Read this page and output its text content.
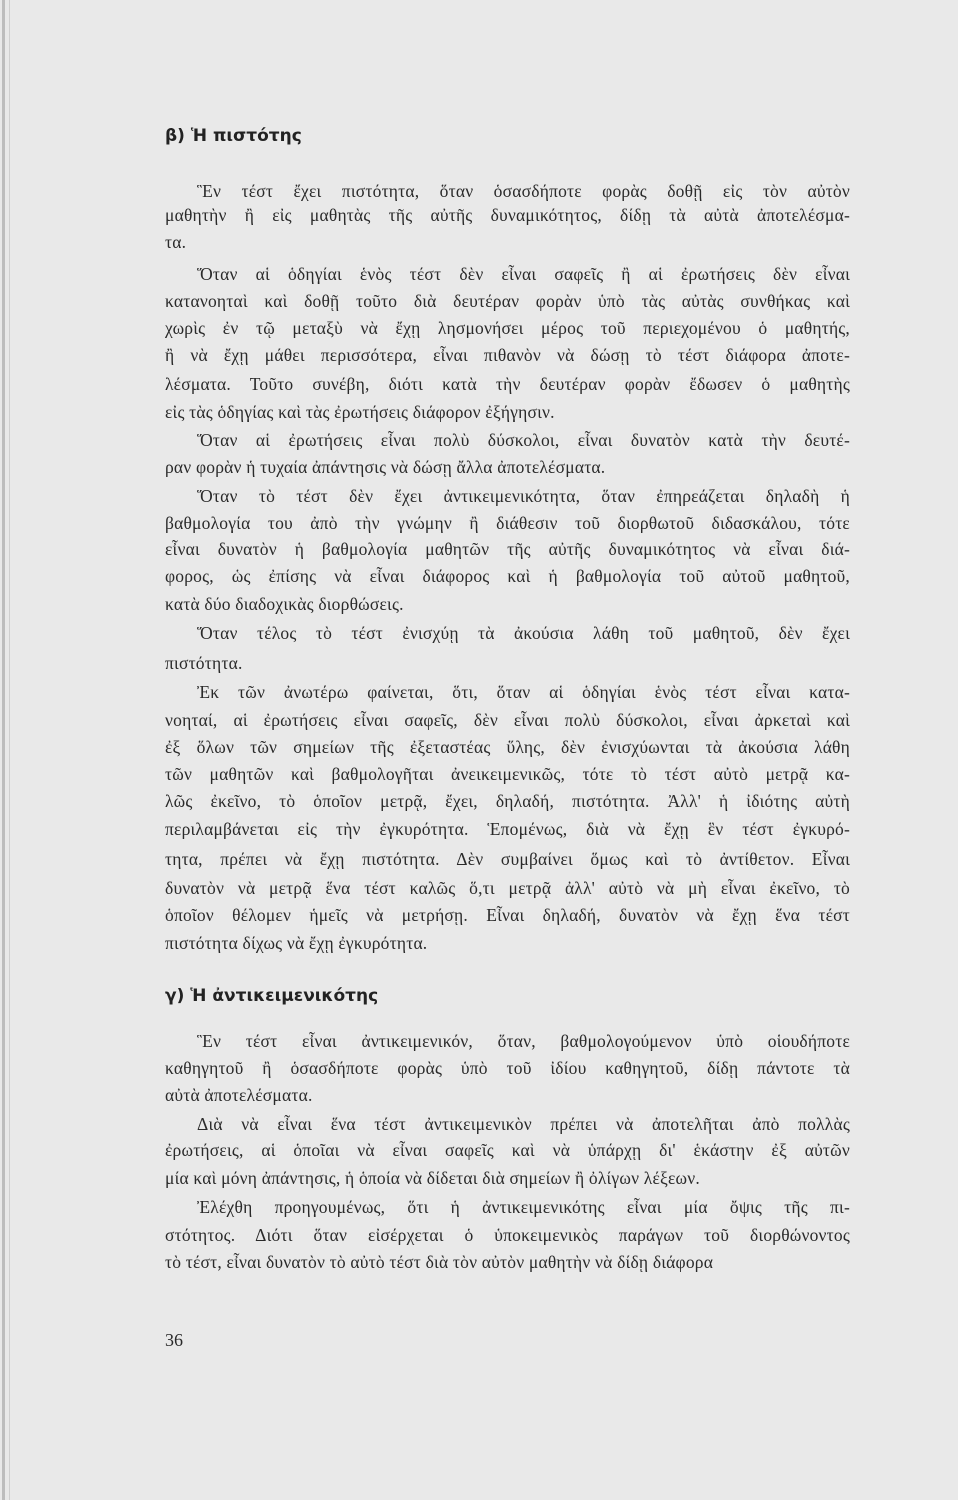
β) Ἡ πιστότης
Ἓν τέστ ἔχει πιστότητα, ὅταν ὁσασδήποτε φορὰς δοθῇ εἰς τὸν αὐτὸν
μαθητὴν ἢ εἰς μαθητὰς τῆς αὐτῆς δυναμικότητος, δίδῃ τὰ αὐτὰ ἀποτελέσμα-
τα.
Ὅταν αἱ ὁδηγίαι ἑνὸς τέστ δὲν εἶναι σαφεῖς ἢ αἱ ἐρωτήσεις δὲν εἶναι
κατανοηταὶ καὶ δοθῇ τοῦτο διὰ δευτέραν φορὰν ὑπὸ τὰς αὐτὰς συνθήκας καὶ
χωρὶς ἐν τῷ μεταξὺ νὰ ἔχῃ λησμονήσει μέρος τοῦ περιεχομένου ὁ μαθητής,
ἢ νὰ ἔχῃ μάθει περισσότερα, εἶναι πιθανὸν νὰ δώσῃ τὸ τέστ διάφορα ἀποτε-
λέσματα. Τοῦτο συνέβη, διότι κατὰ τὴν δευτέραν φορὰν ἔδωσεν ὁ μαθητὴς
εἰς τὰς ὁδηγίας καὶ τὰς ἐρωτήσεις διάφορον ἐξήγησιν.
Ὅταν αἱ ἐρωτήσεις εἶναι πολὺ δύσκολοι, εἶναι δυνατὸν κατὰ τὴν δευτέ-
ραν φορὰν ἡ τυχαία ἀπάντησις νὰ δώσῃ ἄλλα ἀποτελέσματα.
Ὅταν τὸ τέστ δὲν ἔχει ἀντικειμενικότητα, ὅταν ἐπηρεάζεται δηλαδὴ ἡ
βαθμολογία του ἀπὸ τὴν γνώμην ἢ διάθεσιν τοῦ διορθωτοῦ διδασκάλου, τότε
εἶναι δυνατὸν ἡ βαθμολογία μαθητῶν τῆς αὐτῆς δυναμικότητος νὰ εἶναι διά-
φορος, ὡς ἐπίσης νὰ εἶναι διάφορος καὶ ἡ βαθμολογία τοῦ αὐτοῦ μαθητοῦ,
κατὰ δύο διαδοχικὰς διορθώσεις.
Ὅταν τέλος τὸ τέστ ἐνισχύῃ τὰ ἀκούσια λάθη τοῦ μαθητοῦ, δὲν ἔχει
πιστότητα.
Ἐκ τῶν ἀνωτέρω φαίνεται, ὅτι, ὅταν αἱ ὁδηγίαι ἑνὸς τέστ εἶναι κατα-
νοηταί, αἱ ἐρωτήσεις εἶναι σαφεῖς, δὲν εἶναι πολὺ δύσκολοι, εἶναι ἀρκεταὶ καὶ
ἐξ ὅλων τῶν σημείων τῆς ἐξεταστέας ὕλης, δὲν ἐνισχύωνται τὰ ἀκούσια λάθη
τῶν μαθητῶν καὶ βαθμολογῆται ἀνεικειμενικῶς, τότε τὸ τέστ αὐτὸ μετρᾷ κα-
λῶς ἐκεῖνο, τὸ ὁποῖον μετρᾷ, ἔχει, δηλαδή, πιστότητα. Ἀλλ' ἡ ἰδιότης αὐτὴ
περιλαμβάνεται εἰς τὴν ἐγκυρότητα. Ἑπομένως, διὰ νὰ ἔχῃ ἓν τέστ ἐγκυρό-
τητα, πρέπει νὰ ἔχῃ πιστότητα. Δὲν συμβαίνει ὅμως καὶ τὸ ἀντίθετον. Εἶναι
δυνατὸν νὰ μετρᾷ ἕνα τέστ καλῶς ὅ,τι μετρᾷ ἀλλ' αὐτὸ νὰ μὴ εἶναι ἐκεῖνο, τὸ
ὁποῖον θέλομεν ἡμεῖς νὰ μετρήσῃ. Εἶναι δηλαδή, δυνατὸν νὰ ἔχῃ ἕνα τέστ
πιστότητα δίχως νὰ ἔχῃ ἐγκυρότητα.
γ) Ἡ ἀντικειμενικότης
Ἓν τέστ εἶναι ἀντικειμενικόν, ὅταν, βαθμολογούμενον ὑπὸ οἱουδήποτε
καθηγητοῦ ἢ ὁσασδήποτε φορὰς ὑπὸ τοῦ ἰδίου καθηγητοῦ, δίδῃ πάντοτε τὰ
αὐτὰ ἀποτελέσματα.
Διὰ νὰ εἶναι ἕνα τέστ ἀντικειμενικὸν πρέπει νὰ ἀποτελῆται ἀπὸ πολλὰς
ἐρωτήσεις, αἱ ὁποῖαι νὰ εἶναι σαφεῖς καὶ νὰ ὑπάρχῃ δι' ἑκάστην ἐξ αὐτῶν
μία καὶ μόνη ἀπάντησις, ἡ ὁποία νὰ δίδεται διὰ σημείων ἢ ὀλίγων λέξεων.
Ἐλέχθη προηγουμένως, ὅτι ἡ ἀντικειμενικότης εἶναι μία ὄψις τῆς πι-
στότητος. Διότι ὅταν εἰσέρχεται ὁ ὑποκειμενικὸς παράγων τοῦ διορθώνοντος
τὸ τέστ, εἶναι δυνατὸν τὸ αὐτὸ τέστ διὰ τὸν αὐτὸν μαθητὴν νὰ δίδῃ διάφορα
36
